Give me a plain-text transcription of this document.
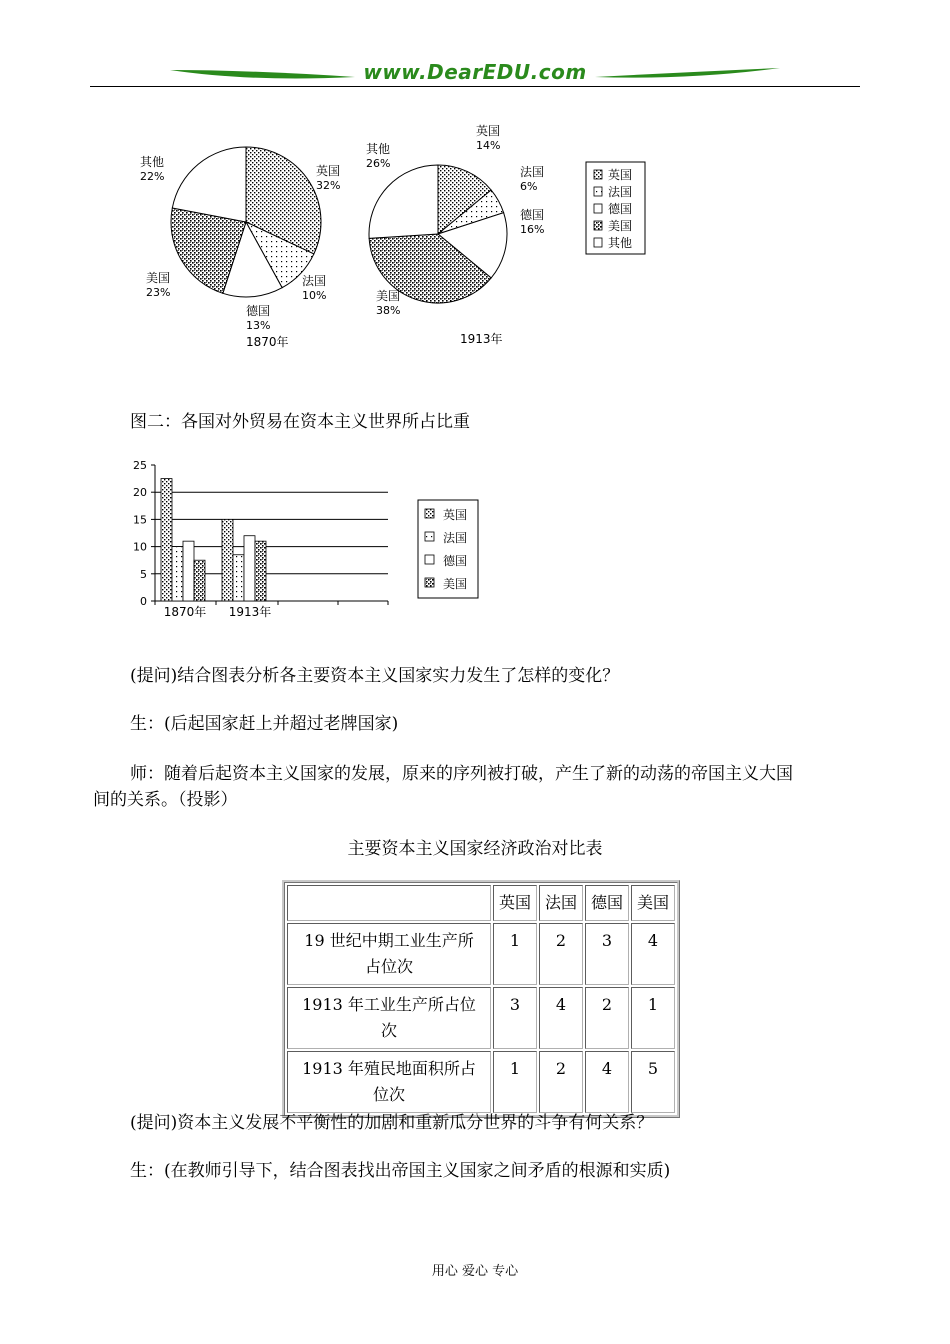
www.DearEDU.com
英国
32%
法国
10%
德国
13%
美国
23%
其他
22%
1870年
英国
14%
法国
6%
德国
16%
美国
38%
其他
26%
1913年
英国
法国
德国
美国
其他
图二：各国对外贸易在资本主义世界所占比重
0
5
10
15
20
25
1870年 1913年
英国
法国
德国
美国
(提问)结合图表分析各主要资本主义国家实力发生了怎样的变化？
生：(后起国家赶上并超过老牌国家)
师：随着后起资本主义国家的发展，原来的序列被打破，产生了新的动荡的帝国主义大国
间的关系。（投影）
主要资本主义国家经济政治对比表
	英国	法国	德国	美国
19 世纪中期工业生产所
占位次	1	2	3	4
1913 年工业生产所占位
次	3	4	2	1
1913 年殖民地面积所占
位次	1	2	4	5
(提问)资本主义发展不平衡性的加剧和重新瓜分世界的斗争有何关系？
生：(在教师引导下，结合图表找出帝国主义国家之间矛盾的根源和实质)
用心 爱心 专心
